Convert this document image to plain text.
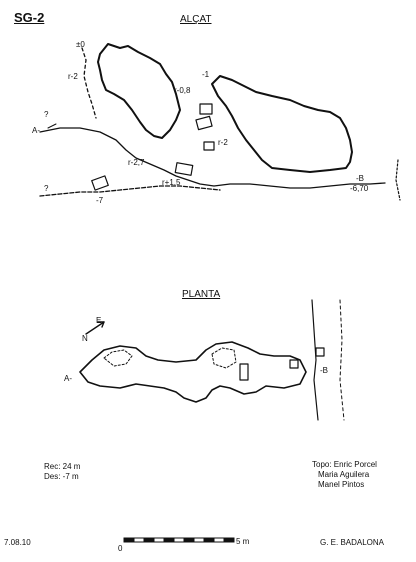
SG-2	ALÇAT
PLANTA
±0
r-2
r-0,8
-1
r-2
r-2,7
r+1,5
-6,70
-7
?
?
A-
-B
N
E
A-
-B
Rec: 24 m
Des: -7 m
Topo: Enric Porcel
Maria Aguilera
Manel Pintos
7.08.10
0
5 m	G. E. BADALONA
